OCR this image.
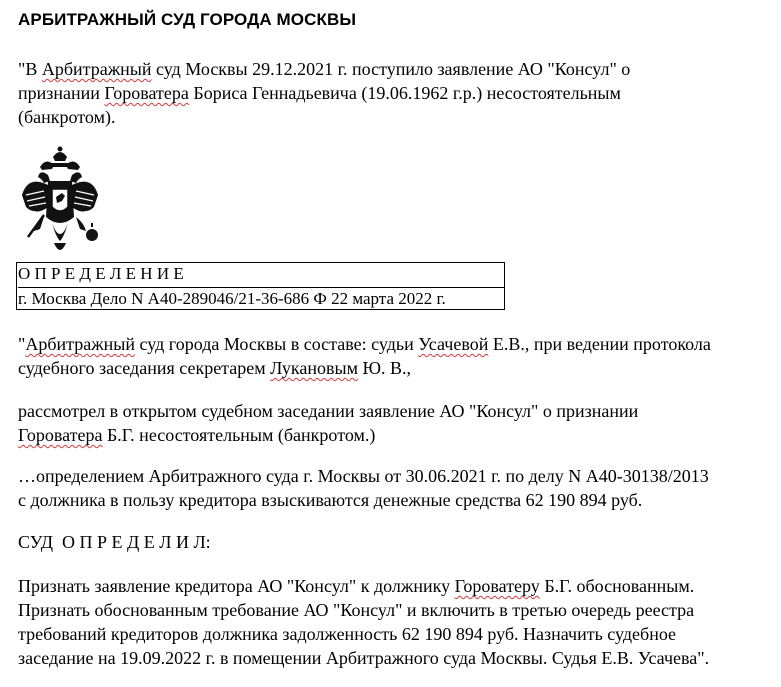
АРБИТРАЖНЫЙ СУД ГОРОДА МОСКВЫ
"В Арбитражный суд Москвы 29.12.2021 г. поступило заявление АО "Консул" о
признании Гороватера Бориса Геннадьевича (19.06.1962 г.р.) несостоятельным
(банкротом).
О П Р Е Д Е Л Е Н И Е
г. Москва Дело N А40-289046/21-36-686 Ф 22 марта 2022 г.
"Арбитражный суд города Москвы в составе: судьи Усачевой Е.В., при ведении протокола
судебного заседания секретарем Лукановым Ю. В.,
рассмотрел в открытом судебном заседании заявление АО "Консул" о признании
Гороватера Б.Г. несостоятельным (банкротом.)
…определением Арбитражного суда г. Москвы от 30.06.2021 г. по делу N А40-30138/2013
с должника в пользу кредитора взыскиваются денежные средства 62 190 894 руб.
СУД  О П Р Е Д Е Л И Л:
Признать заявление кредитора АО "Консул" к должнику Гороватеру Б.Г. обоснованным.
Признать обоснованным требование АО "Консул" и включить в третью очередь реестра
требований кредиторов должника задолженность 62 190 894 руб. Назначить судебное
заседание на 19.09.2022 г. в помещении Арбитражного суда Москвы. Судья Е.В. Усачева".
